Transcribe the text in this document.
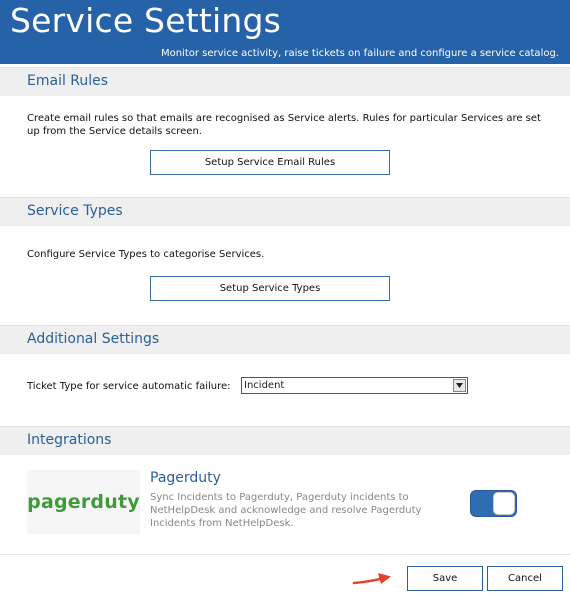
Service Settings
Monitor service activity, raise tickets on failure and configure a service catalog.
Email Rules
Create email rules so that emails are recognised as Service alerts. Rules for particular Services are set up from the Service details screen.
Setup Service Email Rules
Service Types
Configure Service Types to categorise Services.
Setup Service Types
Additional Settings
Ticket Type for service automatic failure:	Incident
Integrations
pagerduty
Pagerduty
Sync Incidents to Pagerduty, Pagerduty incidents to NetHelpDesk and acknowledge and resolve Pagerduty Incidents from NetHelpDesk.
Save	Cancel
